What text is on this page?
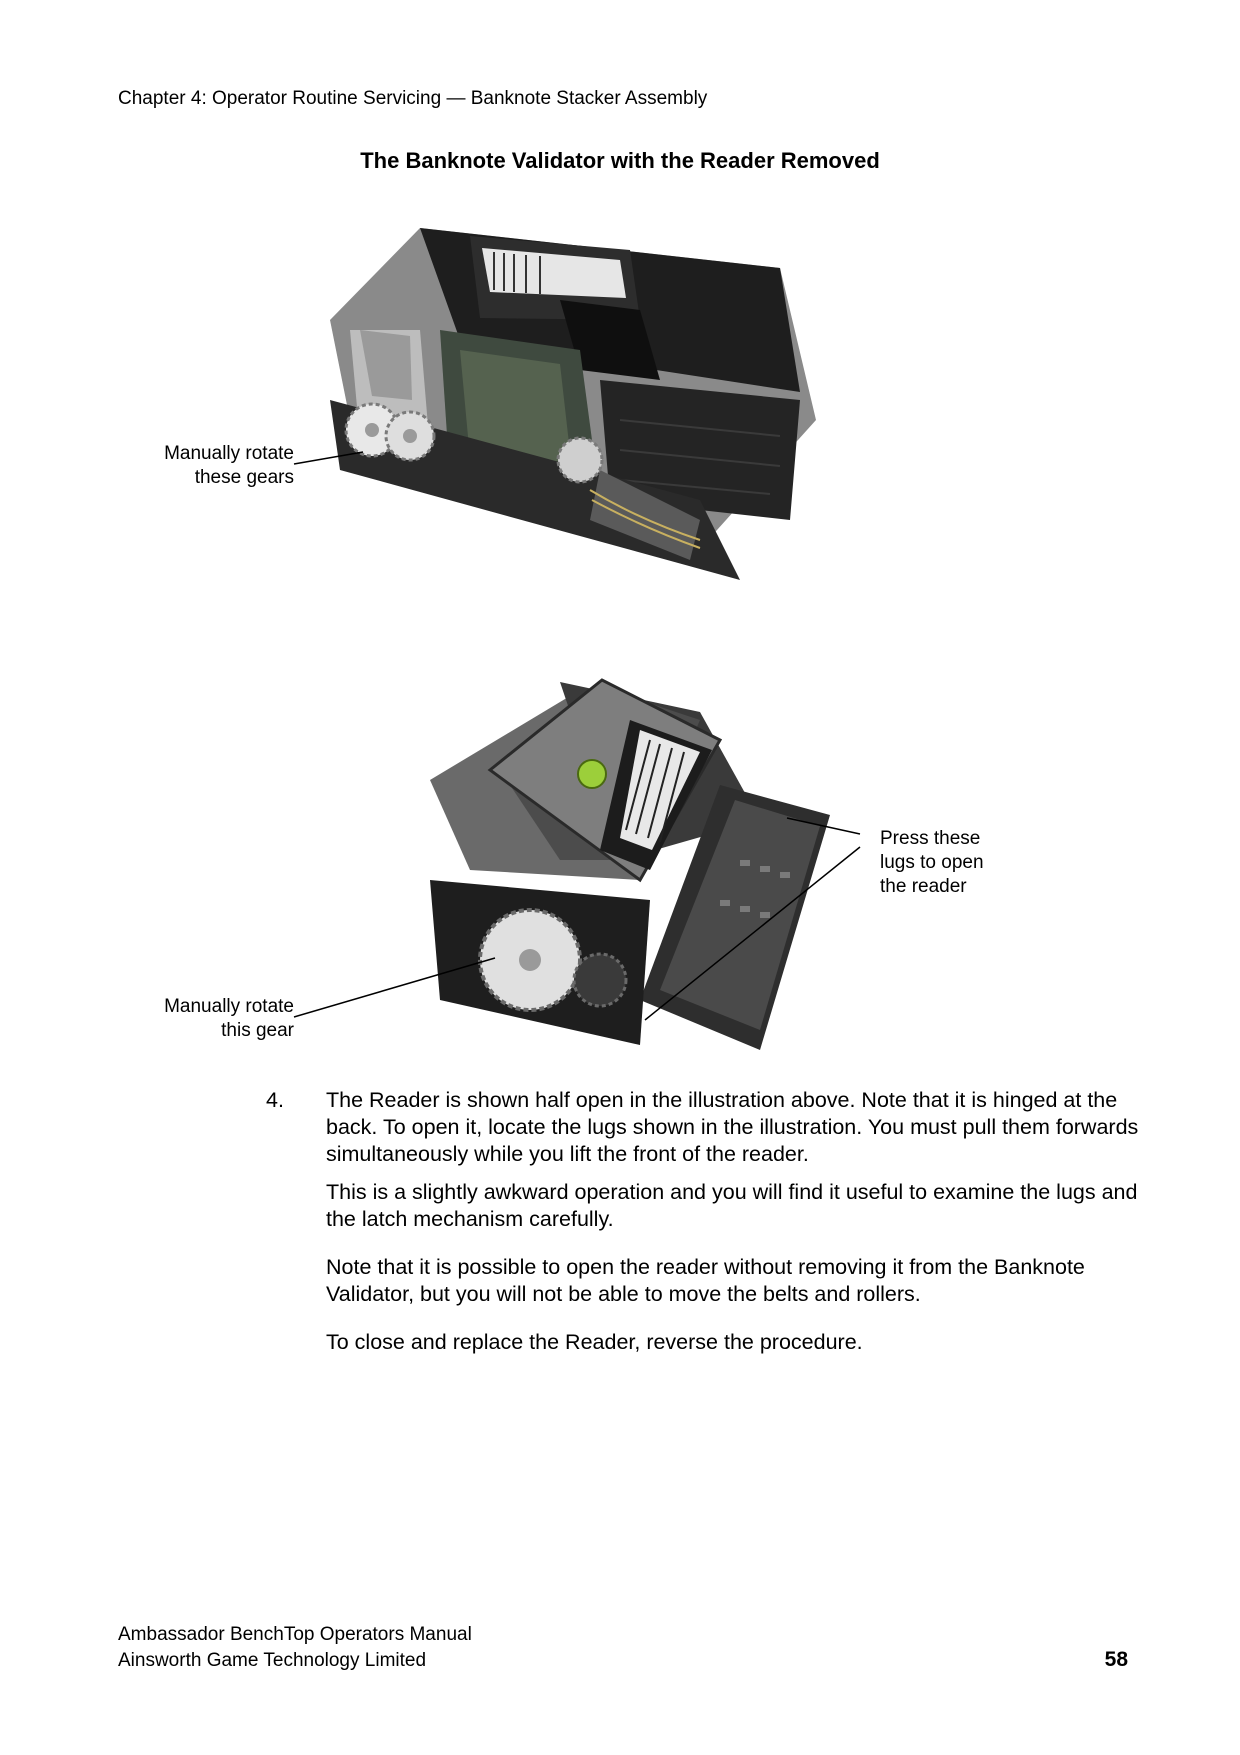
Chapter 4: Operator Routine Servicing — Banknote Stacker Assembly
The Banknote Validator with the Reader Removed
Manually rotate
these gears
Press these
lugs to open
the reader
Manually rotate
this gear
4. The Reader is shown half open in the illustration above. Note that it is hinged at the back. To open it, locate the lugs shown in the illustration. You must pull them forwards simultaneously while you lift the front of the reader.
This is a slightly awkward operation and you will find it useful to examine the lugs and the latch mechanism carefully.
Note that it is possible to open the reader without removing it from the Banknote Validator, but you will not be able to move the belts and rollers.
To close and replace the Reader, reverse the procedure.
Ambassador BenchTop Operators Manual
Ainsworth Game Technology Limited	58
